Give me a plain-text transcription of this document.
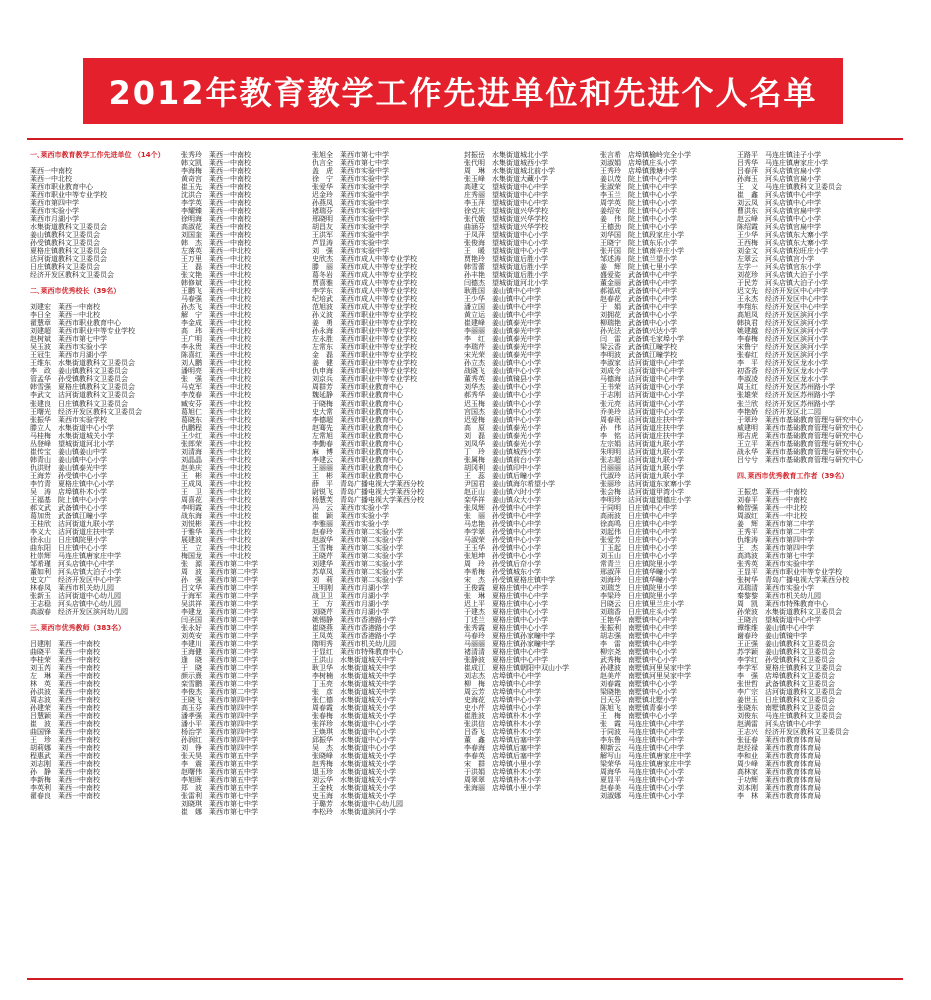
2012年教育教学工作先进单位和先进个人名单
一､莱西市教育教学工作先进单位 （14个）
莱西一中南校
莱西一中北校
莱西市职业教育中心
莱西市职业中等专业学校
莱西市第四中学
莱西市实验小学
莱西市月湖小学
水集街道教科文卫委员会
姜山镇教科文卫委员会
孙受镇教科文卫委员会
夏格庄镇教科文卫委员会
沽河街道教科文卫委员会
日庄镇教科文卫委员会
经济开发区教科文卫委员会
二､莱西市优秀校长（39名）
刘建宏　莱西一中南校
李日全　莱西一中北校
翟慧章　莱西市职业教育中心
刘建超　莱西市职业中等专业学校
赵树斌　莱西市第七中学
吴玉波　莱西市实验小学
王冠生　莱西市月湖小学
王维东　水集街道教科文卫委员会
李　政　姜山镇教科文卫委员会
管孟华　孙受镇教科文卫委员会
韩雪强　夏格庄镇教科文卫委员会
李武文　沽河街道教科文卫委员会
张建良　日庄镇教科文卫委员会
王曙光　经济开发区教科文卫委员会
张振华　莱西市实验学校
滕立人　水集街道中心小学
马桂梅　水集街道城关小学
丛登峰　望城街道河北小学
崔传宝　姜山镇姜山中学
韩青山　姜山镇中心小学
仇洪财　姜山镇泰光中学
王海芳　孙受镇中心小学
李竹青　夏格庄镇中心小学
吴　涛　店埠镇朴木小学
王福基　院上镇中心小学
郝文武　武备镇中心小学
葛加贵　武备镇江疃小学
王桂欣　沽河街道九联小学
李义大　沽河街道庄扶中学
徐永山　日庄镇院里小学
曲东阳　日庄镇中心小学
杜崇辉　马连庄镇唐家庄中学
邹希瑾　河头店镇中心中学
董如利　河头店镇大泊子小学
史文广　经济开发区中心中学
林春凤　莱西市机关幼儿园
张新玉　沽河街道中心幼儿园
王志稳　河头店镇中心幼儿园
高淑春　经济开发区滨河幼儿园
三､莱西市优秀教师（383名）
吕建刚　莱西一中南校
曲晓平　莱西一中南校
李桂荣　莱西一中南校
刘玉芮　莱西一中南校
左　琳　莱西一中南校
林　英　莱西一中南校
孙洪波　莱西一中南校
周志波　莱西一中南校
孙建荣　莱西一中南校
吕慧颖　莱西一中南校
崔　波　莱西一中南校
曲国锋　莱西一中南校
王　珍　莱西一中南校
胡莉娜　莱西一中南校
程惠武　莱西一中南校
刘志刚　莱西一中南校
孙　静　莱西一中南校
李新梅　莱西一中南校
李英利　莱西一中南校
翟春良　莱西一中南校
张秀玲　莱西一中南校
韩文凯　莱西一中南校
李海梅　莱西一中南校
黄奇宫　莱西一中南校
崔玉先　莱西一中南校
沈洪合　莱西一中南校
李学英　莱西一中南校
李耀臻　莱西一中南校
徐明海　莱西一中南校
高淑花　莱西一中南校
刘国奎　莱西一中南校
韩　杰　莱西一中南校
左落英　莱西一中北校
王万里　莱西一中北校
王　磊　莱西一中北校
张文艳　莱西一中北校
韩修斌　莱西一中北校
王鹏飞　莱西一中北校
马春强　莱西一中北校
孙杰飞　莱西一中北校
解　宁　莱西一中北校
李金成　莱西一中北校
高　玮　莱西一中北校
王广明　莱西一中北校
李永贵　莱西一中北校
陈喜红　莱西一中北校
刘人鹏　莱西一中北校
潘明亮　莱西一中北校
张　强　莱西一中北校
马克军　莱西一中北校
李茂春　莱西一中北校
臧安芬　莱西一中北校
葛旭仁　莱西一中北校
葛晓东　莱西一中北校
仇鹏程　莱西一中北校
王少红　莱西一中北校
张郎荣　莱西一中北校
刘清海　莱西一中北校
刘晶晶　莱西一中北校
赵美庆　莱西一中北校
王　彬　莱西一中北校
王成凤　莱西一中北校
王　卫　莱西一中北校
周喜花　莱西一中北校
李明霞　莱西一中北校
战东海　莱西一中北校
刘悦彬　莱西一中北校
于雅华　莱西一中北校
展建波　莱西一中北校
王　立　莱西一中北校
梅国龙　莱西一中北校
张　源　莱西市第二中学
周　波　莱西市第二中学
孙　强　莱西市第二中学
吕文华　莱西市第二中学
于海军　莱西市第二中学
吴洪祥　莱西市第二中学
李建龙　莱西市第二中学
闫圣国　莱西市第二中学
张永好　莱西市第二中学
刘英安　莱西市第二中学
李建川　莱西市第二中学
王海健　莱西市第二中学
逢　晓　莱西市第二中学
于　晓　莱西市第二中学
颜示熹　莱西市第二中学
栾雪鹏　莱西市第二中学
李俊杰　莱西市第二中学
王晓飞　莱西市第四中学
高玉芬　莱西市第四中学
潘孝强　莱西市第四中学
潘小平　莱西市第四中学
杨治学　莱西市第四中学
孙润红　莱西市第四中学
刘　铮　莱西市第四中学
张天昊　莱西市第五中学
李　震　莱西市第五中学
赵曙伟　莱西市第五中学
李旭晖　莱西市第五中学
郑　波　莱西市第五中学
张雷利　莱西市第七中学
刘晓琪　莱西市第七中学
崔　娜　莱西市第七中学
张旭全　莱西市第七中学
仇言全　莱西市第七中学
盖　虎　莱西市实验中学
徐　宁　莱西市实验中学
张爱华　莱西市实验中学
迟金玲　莱西市实验中学
孙燕凤　莱西市实验中学
褚瑞芬　莱西市实验中学
邢晓明　莱西市实验中学
胡昌友　莱西市实验中学
王洪军　莱西市实验中学
芦显涛　莱西市实验中学
刘　强　莱西市实验中学
史欣杰　莱西市成人中等专业学校
滕　丽　莱西市成人中等专业学校
葛冬岩　莱西市成人中等专业学校
贾喜雅　莱西市成人中等专业学校
李学东　莱西市成人中等专业学校
纪培武　莱西市成人中等专业学校
范旭波　莱西市成人中等专业学校
孙义波　莱西市职业中等专业学校
姜　勇　莱西市职业中等专业学校
孙永海　莱西市职业中等专业学校
左永胜　莱西市职业中等专业学校
左常东　莱西市职业中等专业学校
金　磊　莱西市职业中等专业学校
姜　健　莱西市职业中等专业学校
仇申海　莱西市职业中等专业学校
刘京兵　莱西市职业中等专业学校
周群芳　莱西市职业教育中心
魏延静　莱西市职业教育中心
于晓梅　莱西市职业教育中心
史大常　莱西市职业教育中心
李德超　莱西市职业教育中心
赵骞先　莱西市职业教育中心
左常旭　莱西市职业教育中心
李勤春　莱西市职业教育中心
麻　博　莱西市职业教育中心
李建云　莱西市职业教育中心
王丽丽　莱西市职业教育中心
王　彬　莱西市职业教育中心
薛　平　青岛广播电视大学莱西分校
尉锐飞　青岛广播电视大学莱西分校
杨慧芙　青岛广播电视大学莱西分校
冯　云　莱西市实验小学
崔　颖　莱西市实验小学
李雅丽　莱西市实验小学
赵春玲　莱西市第二实验小学
赵淑华　莱西市第二实验小学
王雪梅　莱西市第二实验小学
王晓芹　莱西市第二实验小学
刘建华　莱西市第二实验小学
苏草凤　莱西市第二实验小学
刘　莉　莱西市第二实验小学
王明刚　莱西市月湖小学
战卫卫　莱西市月湖小学
王　方　莱西市月湖小学
刘晓芹　莱西市月湖小学
姚锡静　莱西市香港路小学
崔晓燕　莱西市香港路小学
王凤英　莱西市香港路小学
隋明秀　莱西市机关幼儿园
于显红　莱西市特殊教育中心
王洪山　水集街道城关中学
耿卫华　水集街道城关中学
李树楠　水集街道城关中学
丁玉亮　水集街道城关中学
张　彦　水集街道城关中学
张仁德　水集街道城关小学
周春霞　水集街道城关小学
张春梅　水集街道城关小学
张祥珍　水集街道中心小学
王焕琪　水集街道中心小学
邱振华　水集街道中心小学
吴　杰　水集街道中心小学
张晓峰　水集街道城关小学
赵秀梅　水集街道城关小学
退玉珍　水集街道城关小学
刘云华　水集街道城关小学
王金枝　水集街道城关小学
史玉海　水集街道城关小学
于璐芳　水集街道中心幼儿园
李松玲　水集街道滨河小学
封振岳　水集街道城北小学
张代明　水集街道城西小学
周　琳　水集街道城北前小学
张玉峰　水集街道大藏小学
高建文　望城街道中心中学
庄秀丽　望城街道中心中学
李玉萍　望城街道中心中学
徐克庆　望城街道兴华学校
张代娥　望城街道兴华学校
曲涵芬　望城街道兴华学校
于凤萍　望城街道中心小学
张俊海　望城街道中心小学
王　暖　望城街道中心小学
贾艳玲　望城街道后胜小学
韩雪蕾　望城街道后胜小学
孙丰艳　望城街道后胜小学
闫德杰　望城街道河北小学
耿胜国　姜山镇中心中学
王少华　姜山镇中心中学
潘立国　姜山镇中心中学
黄立运　姜山镇中心中学
崔建峰　姜山镇泰光中学
李丽丽　姜山镇泰光中学
李　红　姜山镇泰光中学
李瑞芹　姜山镇泰光中学
宋光荣　姜山镇泰光中学
孙立杰　姜山镇中心小学
战晓飞　姜山镇中心小学
董秀英　姜山镇镜县小学
刘华杰　姜山镇中心小学
郝秀华　姜山镇中心小学
迟玉梅　姜山镇中心小学
宫国杰　姜山镇中心小学
迟爱梅　姜山镇中心小学
高　原　姜山镇泰光小学
刘　磊　姜山镇泰光小学
刘凤华　姜山镇泰光小学
丁　玲　姜山镇城西小学
张属梅　姜山镇前台小学
胡冈利　姜山镇印中小学
王　蕊　姜山镇后疃小学
尹国君　姜山镇海尔希望小学
赵正山　姜山镇六时小学
栾华祥　姜山镇众大小学
张凤辉　孙受镇中心中学
张　丽　孙受镇中心中学
马忠艳　孙受镇中心中学
李学翠　孙受镇中心中学
马淑荣　孙受镇中心小学
王玉华　孙受镇中心小学
张旭坤　孙受镇中心小学
周　玲　孙受镇后夼小学
李希梅　孙受镇城东小学
宋　杰　孙受镇夏格庄镇中学
王俊霞　夏格庄镇中心中学
张　琳　夏格庄镇中心中学
迟上平　夏格庄镇中心小学
于建杰　夏格庄镇中心小学
丁述兰　夏格庄镇中心小学
张秀霞　夏格庄镇中心小学
马春玲　夏格庄镇孙家疃中学
马丽丽　夏格庄镇孙家疃中学
褚清清　夏格庄镇中心中学
张静波　夏格庄镇中心中学
崔成江　夏格庄镇朝阳中双山小学
刘志杰　店埠镇中心中学
柳　梅　店埠镇中心中学
周云芳　店埠镇中心中学
史海花　店埠镇中心小学
史小芹　店埠镇中心小学
崔胜波　店埠镇朴木小学
张洪信　店埠镇朴木小学
吕香飞　店埠镇朴木小学
董　鑫　店埠镇后塞中学
李春海　店埠镇后塞中学
李春英　店埠镇后塞中学
宋　群　店埠镇小里小学
于洪娟　店埠镇朴木小学
周翠翠　店埠镇朴木小学
张海丽　店埠镇小里小学
张言希　店埠镇榆岭完全小学
刘淑娟　店埠镇庄头小学
王秀玲　店埠镇豫塘小学
姜以茂　院上镇中心中学
张淑荣　院上镇中心中学
李玉兰　院上镇中心小学
周学英　院上镇中心小学
姜绍安　院上镇中心小学
姜　伟　院上镇中心小学
王德劲　院上镇中心小学
刘华国　院上镇段家庄小学
王晓宁　院上镇东乐小学
张开国　院上镇南辛庄小学
邹述涛　院上镇兰望小学
姜　辉　院上镇七里小学
盛爱姿　武备镇中心中学
董金丽　武备镇中心中学
郝福成　武备镇中心中学
赵春花　武备镇中心中学
于　娟　武备镇中心中学
刘拥花　武备镇中心小学
柳瑞艳　武备镇中心小学
孙光法　武备镇兴达小学
闫　雷　武备镇毛家埠小学
梁云香　武备镇江疃学校
李明波　武备镇江疃学校
李淑家　沽河街道中心中学
刘成令　沽河街道中心中学
马德海　沽河街道中心中学
王书荣　沽河街道中心小学
于志刚　沽河街道中心小学
张元亮　沽河街道中心小学
乔美玲　沽河街道中心小学
周春珉　沽河街道庄扶中学
孙　伟　沽河街道庄扶中学
李　铭　沽河街道庄扶中学
左宗娟　沽河街道九联小学
朱明明　沽河街道九联小学
张志超　沽河街道九联小学
吕丽丽　沽河街道九联小学
代淑玲　沽河街道九联小学
张丽珍　沽河街道东家寨小学
张会梅　沽河街道甲湾小学
李明珍　沽河街道望德庄小学
于同明　日庄镇中心中学
高雨波　日庄镇中心中学
徐高鸣　日庄镇中心中学
刘起伟　日庄镇中心中学
张爱芳　日庄镇中心小学
丁玉起　日庄镇中心小学
刘玉山　日庄镇中心小学
常青兰　日庄镇院里小学
邢淑萍　日庄镇华疃小学
刘海玲　日庄镇华疃小学
刘瑞芝　日庄镇院里小学
李梁玲　日庄镇院里小学
吕晓云　日庄镇里兰庄小学
刘瑞香　日庄镇庄头小学
王艳华　南墅镇中心中学
张振利　南墅镇中心中学
胡志强　南墅镇中心中学
李　雷　南墅镇中心中学
柳宗尧　南墅镇中心小学
武秀梅　南墅镇中心小学
孙建波　南墅镇河里吴家中学
赵美芹　南墅镇河里吴家中学
刘春霞　南墅镇中心小学
梁晓艳　南墅镇中心小学
吕天芬　南墅镇北墅小学
陈旭飞　南墅镇青泰小学
王　梅　南墅镇中心小学
张　霞　马连庄镇中心中学
于同波　马连庄镇中心中学
李东鲁　马连庄镇中心中学
柳新云　马连庄镇中心中学
解写山　马连庄镇唐家庄中学
梁荣华　马连庄镇唐家庄中学
周海华　马连庄镇中心小学
夏显平　马连庄镇中心小学
赵春美　马连庄镇中心小学
刘淑娜　马连庄镇中心小学
王路平　马连庄镇洼子小学
吕秀华　马连庄镇唐家庄小学
吕春萍　河头店镇官扁小学
孙海玉　河头店镇官扁小学
王　义　马连庄镇教科文卫委员会
崔　鑫　河头店镇中心中学
刘云凤　河头店镇中心中学
曹洪东　河头店镇官扁中学
赵云峰　河头店镇中心小学
陈绍霞　河头店镇官扁中学
王少华　河头店镇东大寨小学
王西梅　河头店镇东大寨小学
刘金文　河头店镇松旺庄小学
左翠云　河头店镇宫小学
左学一　河头店镇官东小学
刘花珍　河头店镇大泊子小学
于民芳　河头店镇大泊子小学
迟文先　经济开发区中心中学
王永杰　经济开发区中心中学
李翔东　经济开发区中心中学
高旭凤　经济开发区滨河小学
韩执君　经济开发区滨河小学
姚建越　经济开发区滨河小学
李春梅　经济开发区滨河小学
宋鲁宁　经济开发区滨河小学
张春红　经济开发区滨河小学
李　平　经济开发区龙水小学
初香香　经济开发区龙水小学
李淑凌　经济开发区龙水小学
周玉红　经济开发区苏州路小学
张雄荣　经济开发区苏州路小学
张兰欣　经济开发区苏州路小学
李艳娇　经济开发区北二园
于翠玲　莱西市基础教育管理与研究中心
威建明　莱西市基础教育管理与研究中心
邢吉虎　莱西市基础教育管理与研究中心
王立平　莱西市基础教育管理与研究中心
战永华　莱西市基础教育管理与研究中心
吕兮兮　莱西市基础教育管理与研究中心
四､莱西市优秀教育工作者（39名）
王振忠　莱西一中南校
刘春平　莱西一中南校
賴智强　莱西一中北校
周淑红　莱西一中北校
姜　辉　莱西市第二中学
王秀平　莱西市第二中学
仇维涛　莱西市第四中学
王　杰　莱西市第四中学
高鸿波　莱西市第七中学
张秀英　莱西市实验中学
王显平　莱西市职业中等专业学校
张树华　青岛广播电视大学莱西分校
邓瑞清　莱西市实验小学
秦黎黎　莱西市机关幼儿园
周　凯　莱西市特殊教育中心
孙荣波　水集街道教科文卫委员会
王晓言　望城街道中心中学
谭维维　姜山镇中心中学
谢春玲　姜山镇镜中学
王正强　姜山镇教科文卫委员会
苏学颖　姜山镇教科文卫委员会
李学红　孙受镇教科文卫委员会
李学军　夏格庄镇教科文卫委员会
李　强　店埠镇教科文卫委员会
张世哲　武备镇教科文卫委员会
李广宗　沽河街道教科文卫委员会
姜世玉　日庄镇教科文卫委员会
张晓东　南墅镇教科文卫委员会
刘俊东　马连庄镇教科文卫委员会
赵满雷　河头店镇中心中学
王志兴　经济开发区教科文卫委员会
张征春　莱西市教育体育局
赵经禄　莱西市教育体育局
李和业　莱西市教育体育局
周少峰　莱西市教育体育局
高林家　莱西市教育体育局
于功辉　莱西市教育体育局
刘本刚　莱西市教育体育局
李　林　莱西市教育体育局
